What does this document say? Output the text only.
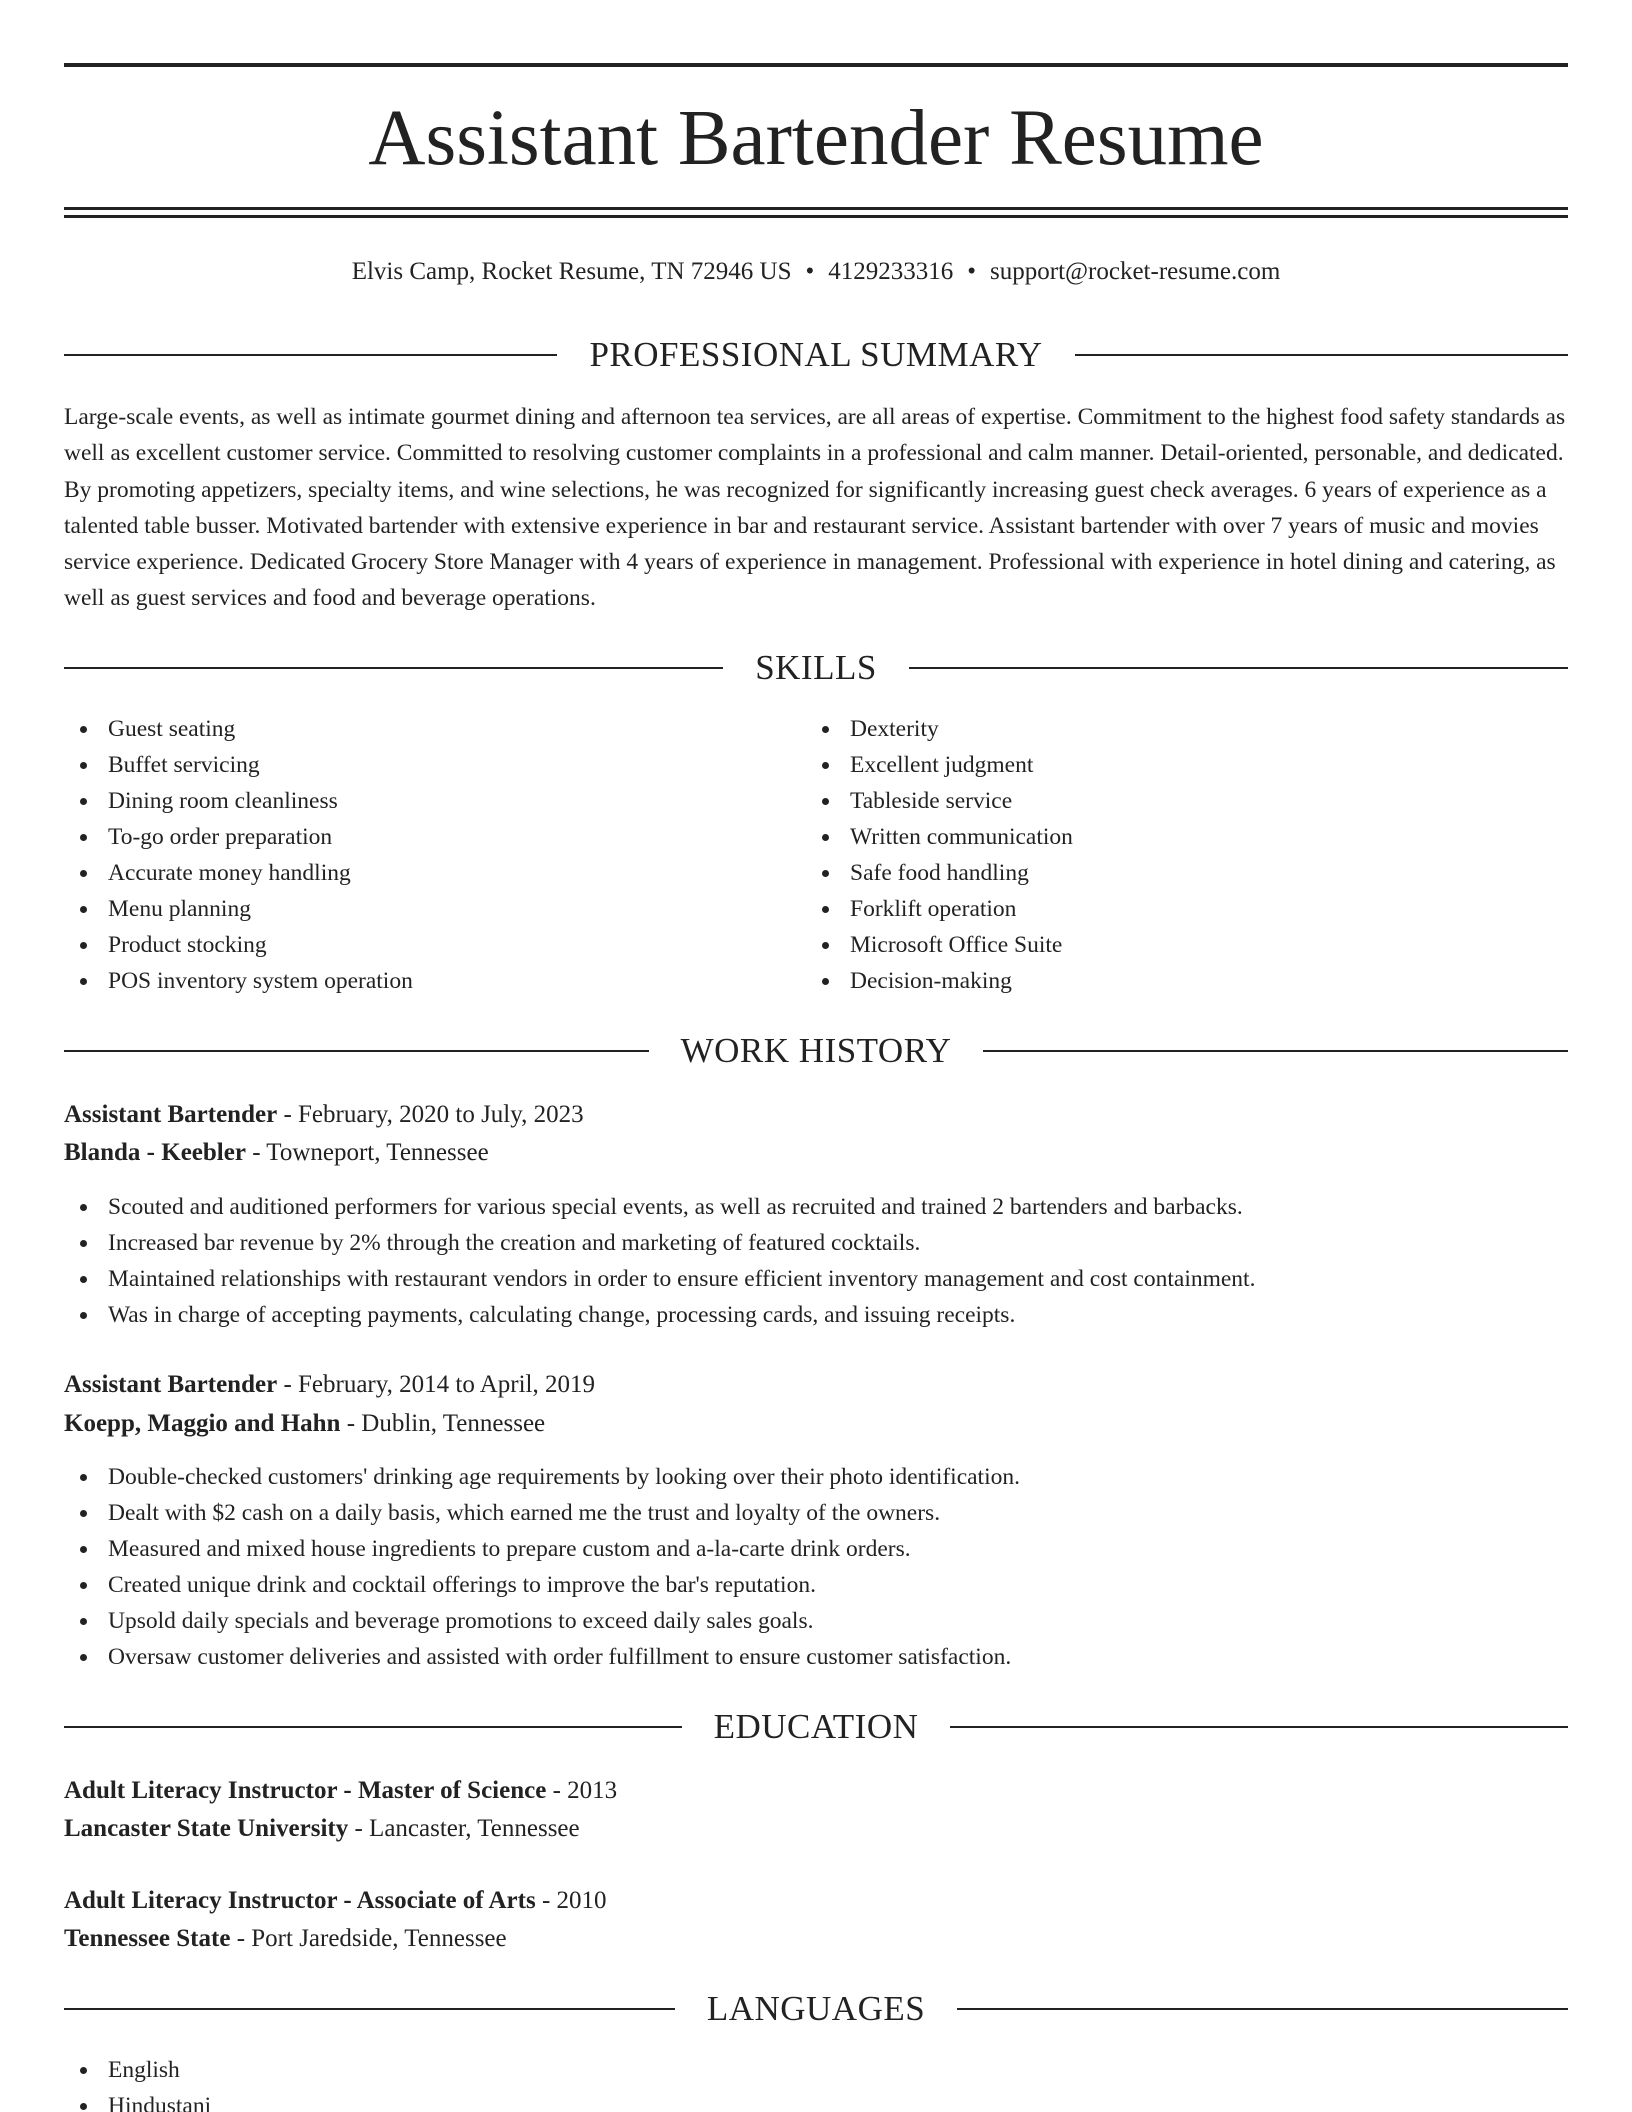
Assistant Bartender Resume
Elvis Camp, Rocket Resume, TN 72946 US • 4129233316 • support@rocket-resume.com
PROFESSIONAL SUMMARY

Large-scale events, as well as intimate gourmet dining and afternoon tea services, are all areas of expertise. Commitment to the highest food safety standards as well as excellent customer service. Committed to resolving customer complaints in a professional and calm manner. Detail-oriented, personable, and dedicated. By promoting appetizers, specialty items, and wine selections, he was recognized for significantly increasing guest check averages. 6 years of experience as a talented table busser. Motivated bartender with extensive experience in bar and restaurant service. Assistant bartender with over 7 years of music and movies service experience. Dedicated Grocery Store Manager with 4 years of experience in management. Professional with experience in hotel dining and catering, as well as guest services and food and beverage operations.

SKILLS
Guest seating
Buffet servicing
Dining room cleanliness
To-go order preparation
Accurate money handling
Menu planning
Product stocking
POS inventory system operation
Dexterity
Excellent judgment
Tableside service
Written communication
Safe food handling
Forklift operation
Microsoft Office Suite
Decision-making
WORK HISTORY
Assistant Bartender - February, 2020 to July, 2023
Blanda - Keebler - Towneport, Tennessee
Scouted and auditioned performers for various special events, as well as recruited and trained 2 bartenders and barbacks.
Increased bar revenue by 2% through the creation and marketing of featured cocktails.
Maintained relationships with restaurant vendors in order to ensure efficient inventory management and cost containment.
Was in charge of accepting payments, calculating change, processing cards, and issuing receipts.
Assistant Bartender - February, 2014 to April, 2019
Koepp, Maggio and Hahn - Dublin, Tennessee
Double-checked customers' drinking age requirements by looking over their photo identification.
Dealt with $2 cash on a daily basis, which earned me the trust and loyalty of the owners.
Measured and mixed house ingredients to prepare custom and a-la-carte drink orders.
Created unique drink and cocktail offerings to improve the bar's reputation.
Upsold daily specials and beverage promotions to exceed daily sales goals.
Oversaw customer deliveries and assisted with order fulfillment to ensure customer satisfaction.
EDUCATION
Adult Literacy Instructor - Master of Science - 2013
Lancaster State University - Lancaster, Tennessee
Adult Literacy Instructor - Associate of Arts - 2010
Tennessee State - Port Jaredside, Tennessee
LANGUAGES
English
Hindustani
